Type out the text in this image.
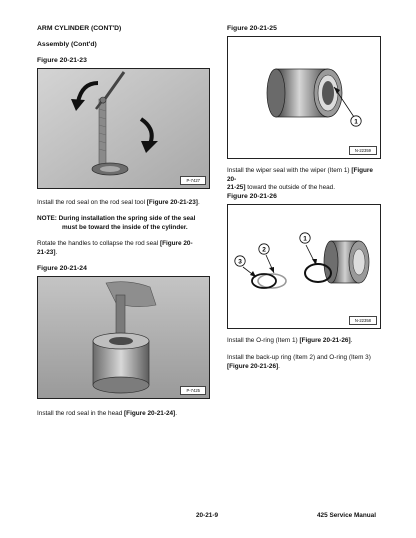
ARM CYLINDER (CONT'D)
Assembly (Cont'd)
Figure 20-21-23
P-7427
Install the rod seal on the rod seal tool [Figure 20-21-23].
NOTE: During installation the spring side of the seal
must be toward the inside of the cylinder.
Rotate the handles to collapse the rod seal [Figure 20-
21-23].
Figure 20-21-24
P-7425
Install the rod seal in the head [Figure 20-21-24].
Figure 20-21-25
1
N-22359
Install the wiper seal with the wiper (Item 1) [Figure 20-
21-25] toward the outside of the head.
Figure 20-21-26
1
2
3
N-22358
Install the O-ring (Item 1) [Figure 20-21-26].
Install the back-up ring (Item 2) and O-ring (Item 3)
[Figure 20-21-26].
20-21-9	425 Service Manual
